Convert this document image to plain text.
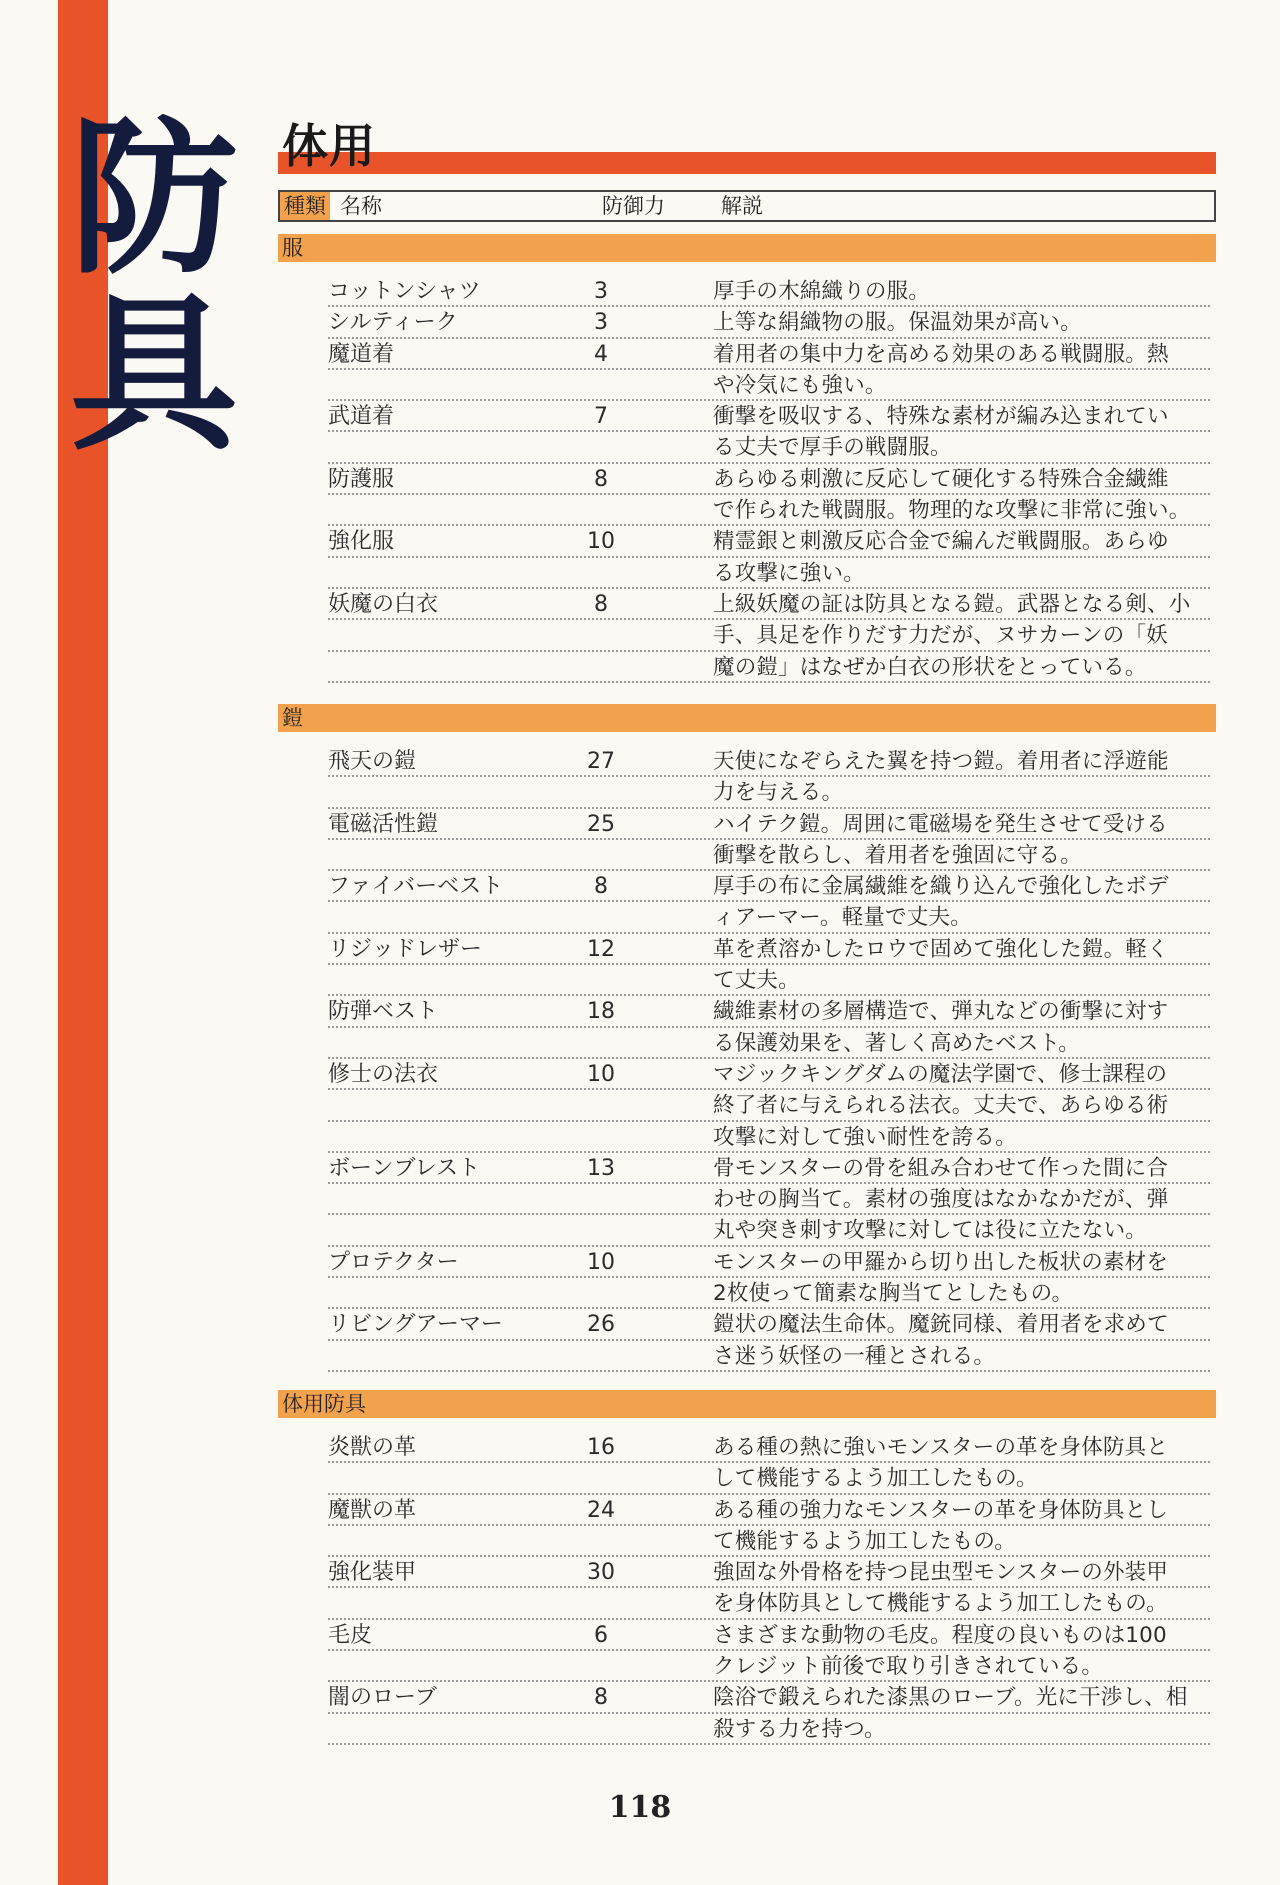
防
具
体用
種類 名称	防御力	解説
服
コットンシャツ	3	厚手の木綿織りの服。
シルティーク	3	上等な絹織物の服。保温効果が高い。
魔道着	4	着用者の集中力を高める効果のある戦闘服。熱
や冷気にも強い。
武道着	7	衝撃を吸収する、特殊な素材が編み込まれてい
る丈夫で厚手の戦闘服。
防護服	8	あらゆる刺激に反応して硬化する特殊合金繊維
で作られた戦闘服。物理的な攻撃に非常に強い。
強化服	10	精霊銀と刺激反応合金で編んだ戦闘服。あらゆ
る攻撃に強い。
妖魔の白衣	8	上級妖魔の証は防具となる鎧。武器となる剣、小
手、具足を作りだす力だが、ヌサカーンの「妖
魔の鎧」はなぜか白衣の形状をとっている。
鎧
飛天の鎧	27	天使になぞらえた翼を持つ鎧。着用者に浮遊能
力を与える。
電磁活性鎧	25	ハイテク鎧。周囲に電磁場を発生させて受ける
衝撃を散らし、着用者を強固に守る。
ファイバーベスト	8	厚手の布に金属繊維を織り込んで強化したボデ
ィアーマー。軽量で丈夫。
リジッドレザー	12	革を煮溶かしたロウで固めて強化した鎧。軽く
て丈夫。
防弾ベスト	18	繊維素材の多層構造で、弾丸などの衝撃に対す
る保護効果を、著しく高めたベスト。
修士の法衣	10	マジックキングダムの魔法学園で、修士課程の
終了者に与えられる法衣。丈夫で、あらゆる術
攻撃に対して強い耐性を誇る。
ボーンブレスト	13	骨モンスターの骨を組み合わせて作った間に合
わせの胸当て。素材の強度はなかなかだが、弾
丸や突き刺す攻撃に対しては役に立たない。
プロテクター	10	モンスターの甲羅から切り出した板状の素材を
2枚使って簡素な胸当てとしたもの。
リビングアーマー	26	鎧状の魔法生命体。魔銃同様、着用者を求めて
さ迷う妖怪の一種とされる。
体用防具
炎獣の革	16	ある種の熱に強いモンスターの革を身体防具と
して機能するよう加工したもの。
魔獣の革	24	ある種の強力なモンスターの革を身体防具とし
て機能するよう加工したもの。
強化装甲	30	強固な外骨格を持つ昆虫型モンスターの外装甲
を身体防具として機能するよう加工したもの。
毛皮	6	さまざまな動物の毛皮。程度の良いものは100
クレジット前後で取り引きされている。
闇のローブ	8	陰浴で鍛えられた漆黒のローブ。光に干渉し、相
殺する力を持つ。
118
